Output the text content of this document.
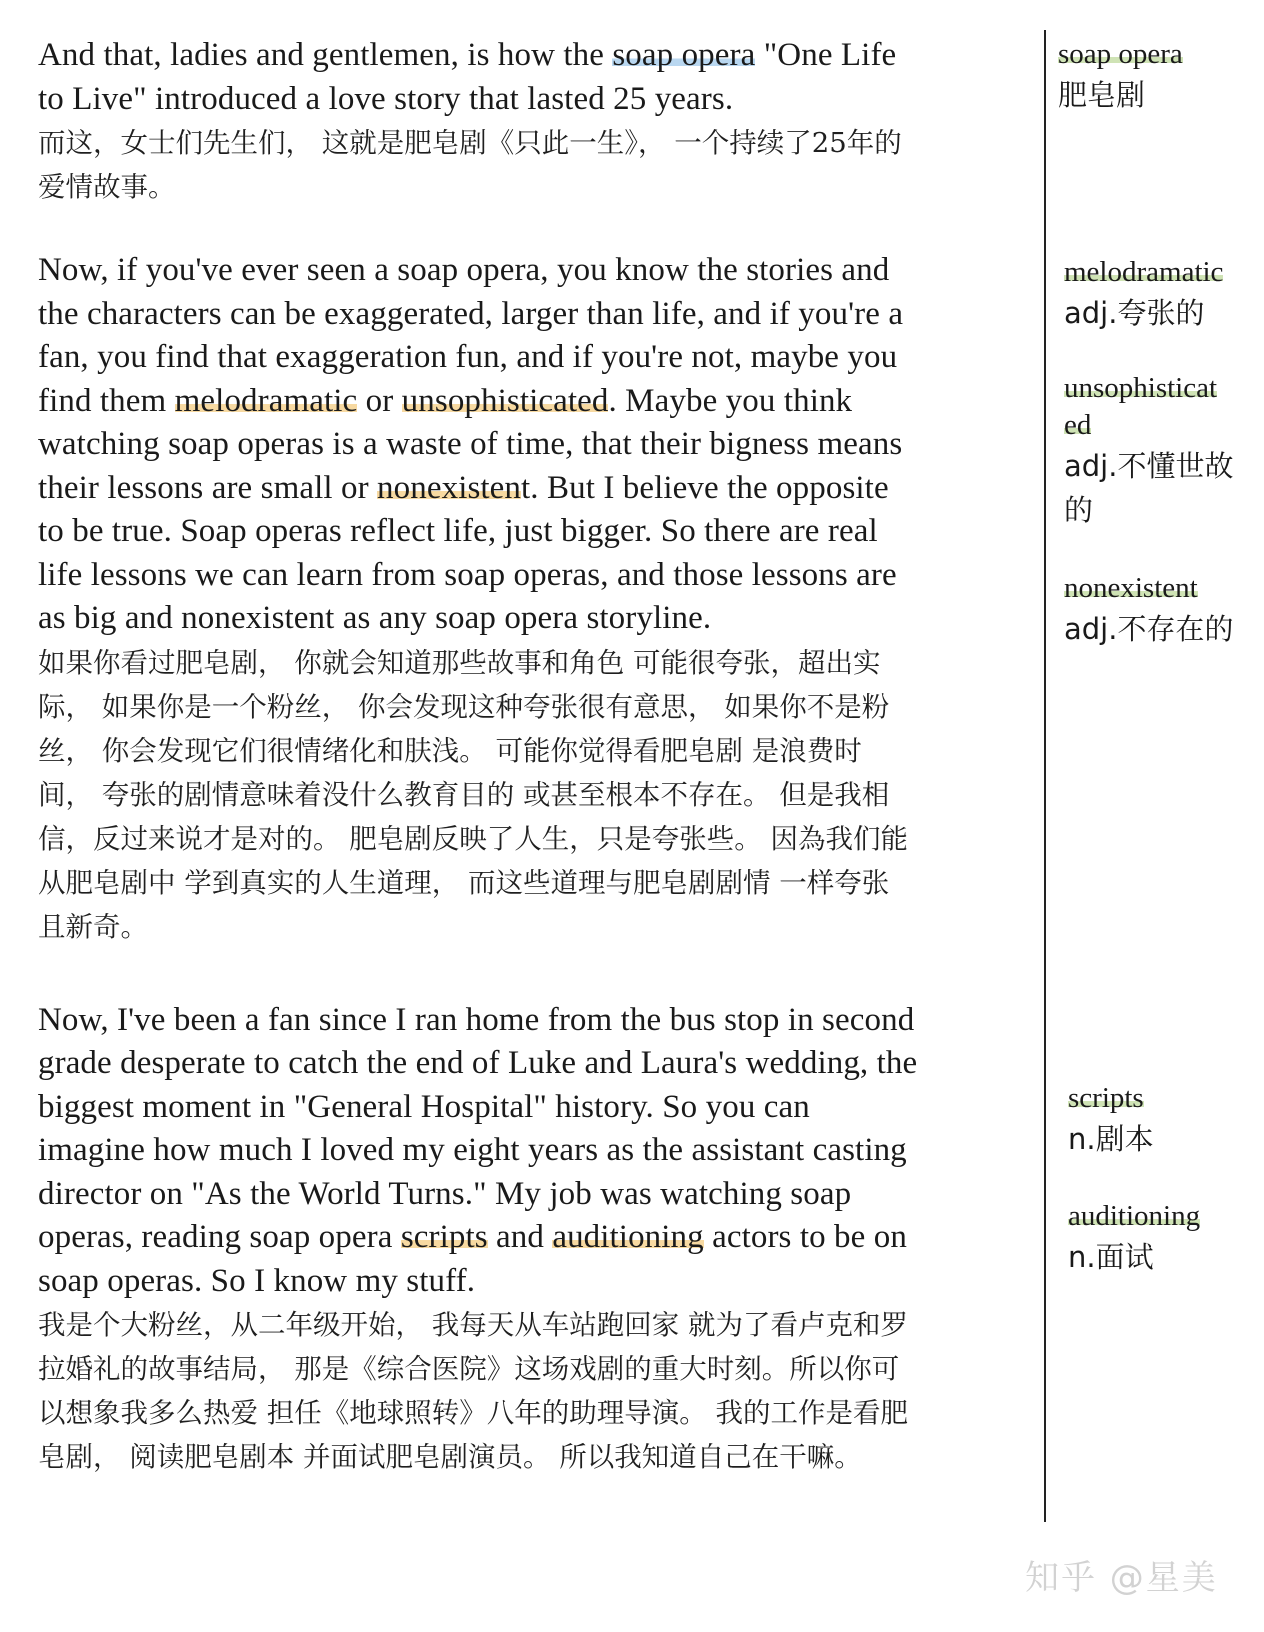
And that, ladies and gentlemen, is how the soap opera "One Life

to Live" introduced a love story that lasted 25 years.

而这，女士们先生们， 这就是肥皂剧《只此一生》， 一个持续了25年的

爱情故事。

Now, if you've ever seen a soap opera, you know the stories and

the characters can be exaggerated, larger than life, and if you're a

fan, you find that exaggeration fun, and if you're not, maybe you

find them melodramatic or unsophisticated. Maybe you think

watching soap operas is a waste of time, that their bigness means

their lessons are small or nonexistent. But I believe the opposite

to be true. Soap operas reflect life, just bigger. So there are real

life lessons we can learn from soap operas, and those lessons are

as big and nonexistent as any soap opera storyline.

如果你看过肥皂剧， 你就会知道那些故事和角色 可能很夸张，超出实

际， 如果你是一个粉丝， 你会发现这种夸张很有意思， 如果你不是粉

丝， 你会发现它们很情绪化和肤浅。 可能你觉得看肥皂剧 是浪费时

间， 夸张的剧情意味着没什么教育目的 或甚至根本不存在。 但是我相

信，反过来说才是对的。 肥皂剧反映了人生，只是夸张些。 因為我们能

从肥皂剧中 学到真实的人生道理， 而这些道理与肥皂剧剧情 一样夸张

且新奇。

Now, I've been a fan since I ran home from the bus stop in second

grade desperate to catch the end of Luke and Laura's wedding, the

biggest moment in "General Hospital" history. So you can

imagine how much I loved my eight years as the assistant casting

director on "As the World Turns." My job was watching soap

operas, reading soap opera scripts and auditioning actors to be on

soap operas. So I know my stuff.

我是个大粉丝，从二年级开始， 我每天从车站跑回家 就为了看卢克和罗

拉婚礼的故事结局， 那是《综合医院》这场戏剧的重大时刻。所以你可

以想象我多么热爱 担任《地球照转》八年的助理导演。 我的工作是看肥

皂剧， 阅读肥皂剧本 并面试肥皂剧演员。 所以我知道自己在干嘛。

soap opera
肥皂剧
melodramatic
adj.夸张的
unsophisticat
ed
adj.不懂世故
的
nonexistent
adj.不存在的
scripts
n.剧本
auditioning
n.面试
知乎 @星美
